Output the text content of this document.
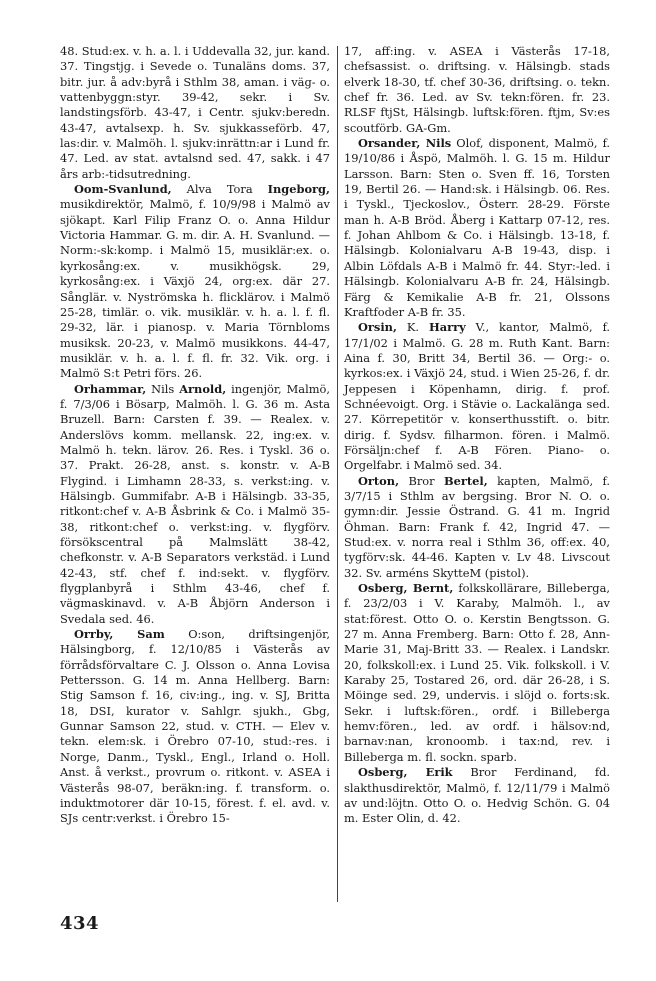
48. Stud:ex. v. h. a. l. i Uddevalla 32, jur. kand. 37. Tingstjg. i Sevede o. Tunaläns doms. 37, bitr. jur. å adv:byrå i Sthlm 38, aman. i väg- o. vattenbyggn:styr. 39-42, sekr. i Sv. landstingsförb. 43-47, i Centr. sjukv:beredn. 43-47, avtalsexp. h. Sv. sjukkasseförb. 47, las:dir. v. Malmöh. l. sjukv:inrättn:ar i Lund fr. 47. Led. av stat. avtalsnd sed. 47, sakk. i 47 års arb:-tidsutredning.

Oom-Svanlund, Alva Tora Ingeborg, musikdirektör, Malmö, f. 10/9/98 i Malmö av sjökapt. Karl Filip Franz O. o. Anna Hildur Victoria Hammar. G. m. dir. A. H. Svanlund. — Norm:-sk:komp. i Malmö 15, musiklär:ex. o. kyrkosång:ex. v. musikhögsk. 29, kyrkosång:ex. i Växjö 24, org:ex. där 27. Sånglär. v. Nyströmska h. flicklärov. i Malmö 25-28, timlär. o. vik. musiklär. v. h. a. l. f. fl. 29-32, lär. i pianosp. v. Maria Törnbloms musiksk. 20-23, v. Malmö musikkons. 44-47, musiklär. v. h. a. l. f. fl. fr. 32. Vik. org. i Malmö S:t Petri förs. 26.

Orhammar, Nils Arnold, ingenjör, Malmö, f. 7/3/06 i Bösarp, Malmöh. l. G. 36 m. Asta Bruzell. Barn: Carsten f. 39. — Realex. v. Anderslövs komm. mellansk. 22, ing:ex. v. Malmö h. tekn. lärov. 26. Res. i Tyskl. 36 o. 37. Prakt. 26-28, anst. s. konstr. v. A-B Flygind. i Limhamn 28-33, s. verkst:ing. v. Hälsingb. Gummifabr. A-B i Hälsingb. 33-35, ritkont:chef v. A-B Åsbrink & Co. i Malmö 35-38, ritkont:chef o. verkst:ing. v. flygförv. försökscentral på Malmslätt 38-42, chefkonstr. v. A-B Separators verkstäd. i Lund 42-43, stf. chef f. ind:sekt. v. flygförv. flygplanbyrå i Sthlm 43-46, chef f. vägmaskinavd. v. A-B Åbjörn Anderson i Svedala sed. 46.

Orrby, Sam O:son, driftsingenjör, Hälsingborg, f. 12/10/85 i Västerås av förrådsförvaltare C. J. Olsson o. Anna Lovisa Pettersson. G. 14 m. Anna Hellberg. Barn: Stig Samson f. 16, civ:ing., ing. v. SJ, Britta 18, DSI, kurator v. Sahlgr. sjukh., Gbg, Gunnar Samson 22, stud. v. CTH. — Elev v. tekn. elem:sk. i Örebro 07-10, stud:-res. i Norge, Danm., Tyskl., Engl., Irland o. Holl. Anst. å verkst., provrum o. ritkont. v. ASEA i Västerås 98-07, beräkn:ing. f. transform. o. induktmotorer där 10-15, förest. f. el. avd. v. SJs centr:verkst. i Örebro 15-

17, aff:ing. v. ASEA i Västerås 17-18, chefsassist. o. driftsing. v. Hälsingb. stads elverk 18-30, tf. chef 30-36, driftsing. o. tekn. chef fr. 36. Led. av Sv. tekn:fören. fr. 23. RLSF ftjSt, Hälsingb. luftsk:fören. ftjm, Sv:es scoutförb. GA-Gm.

Orsander, Nils Olof, disponent, Malmö, f. 19/10/86 i Åspö, Malmöh. l. G. 15 m. Hildur Larsson. Barn: Sten o. Sven ff. 16, Torsten 19, Bertil 26. — Hand:sk. i Hälsingb. 06. Res. i Tyskl., Tjeckoslov., Österr. 28-29. Förste man h. A-B Bröd. Åberg i Kattarp 07-12, res. f. Johan Ahlbom & Co. i Hälsingb. 13-18, f. Hälsingb. Kolonialvaru A-B 19-43, disp. i Albin Löfdals A-B i Malmö fr. 44. Styr:-led. i Hälsingb. Kolonialvaru A-B fr. 24, Hälsingb. Färg & Kemikalie A-B fr. 21, Olssons Kraftfoder A-B fr. 35.

Orsin, K. Harry V., kantor, Malmö, f. 17/1/02 i Malmö. G. 28 m. Ruth Kant. Barn: Aina f. 30, Britt 34, Bertil 36. — Org:- o. kyrkos:ex. i Växjö 24, stud. i Wien 25-26, f. dr. Jeppesen i Köpenhamn, dirig. f. prof. Schnéevoigt. Org. i Stävie o. Lackalänga sed. 27. Körrepetitör v. konserthusstift. o. bitr. dirig. f. Sydsv. filharmon. fören. i Malmö. Försäljn:chef f. A-B Fören. Piano- o. Orgelfabr. i Malmö sed. 34.

Orton, Bror Bertel, kapten, Malmö, f. 3/7/15 i Sthlm av bergsing. Bror N. O. o. gymn:dir. Jessie Östrand. G. 41 m. Ingrid Öhman. Barn: Frank f. 42, Ingrid 47. — Stud:ex. v. norra real i Sthlm 36, off:ex. 40, tygförv:sk. 44-46. Kapten v. Lv 48. Livscout 32. Sv. arméns SkytteM (pistol).

Osberg, Bernt, folkskollärare, Billeberga, f. 23/2/03 i V. Karaby, Malmöh. l., av stat:förest. Otto O. o. Kerstin Bengtsson. G. 27 m. Anna Fremberg. Barn: Otto f. 28, Ann-Marie 31, Maj-Britt 33. — Realex. i Landskr. 20, folkskoll:ex. i Lund 25. Vik. folkskoll. i V. Karaby 25, Tostared 26, ord. där 26-28, i S. Möinge sed. 29, undervis. i slöjd o. forts:sk. Sekr. i luftsk:fören., ordf. i Billeberga hemv:fören., led. av ordf. i hälsov:nd, barnav:nan, kronoomb. i tax:nd, rev. i Billeberga m. fl. sockn. sparb.

Osberg, Erik Bror Ferdinand, fd. slakthusdirektör, Malmö, f. 12/11/79 i Malmö av und:löjtn. Otto O. o. Hedvig Schön. G. 04 m. Ester Olin, d. 42.

434
